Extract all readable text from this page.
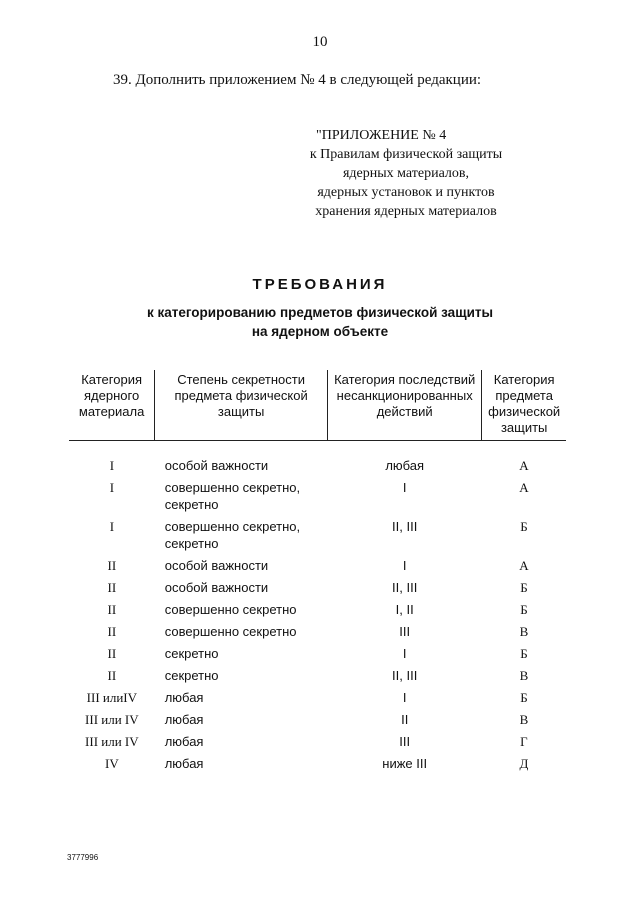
10
39. Дополнить приложением № 4 в следующей редакции:
"ПРИЛОЖЕНИЕ № 4
к Правилам физической защиты
ядерных материалов,
ядерных установок и пунктов
хранения ядерных материалов
ТРЕБОВАНИЯ
к категорированию предметов физической защиты
на ядерном объекте
Категория ядерного материала	Степень секретности предмета физической защиты	Категория последствий несанкционированных действий	Категория предмета физической защиты

I	особой важности	любая	А
I	совершенно секретно, секретно	I	А
I	совершенно секретно, секретно	II, III	Б
II	особой важности	I	А
II	особой важности	II, III	Б
II	совершенно секретно	I, II	Б
II	совершенно секретно	III	В
II	секретно	I	Б
II	секретно	II, III	В
III илиIV	любая	I	Б
III или IV	любая	II	В
III или IV	любая	III	Г
IV	любая	ниже III	Д
3777996
